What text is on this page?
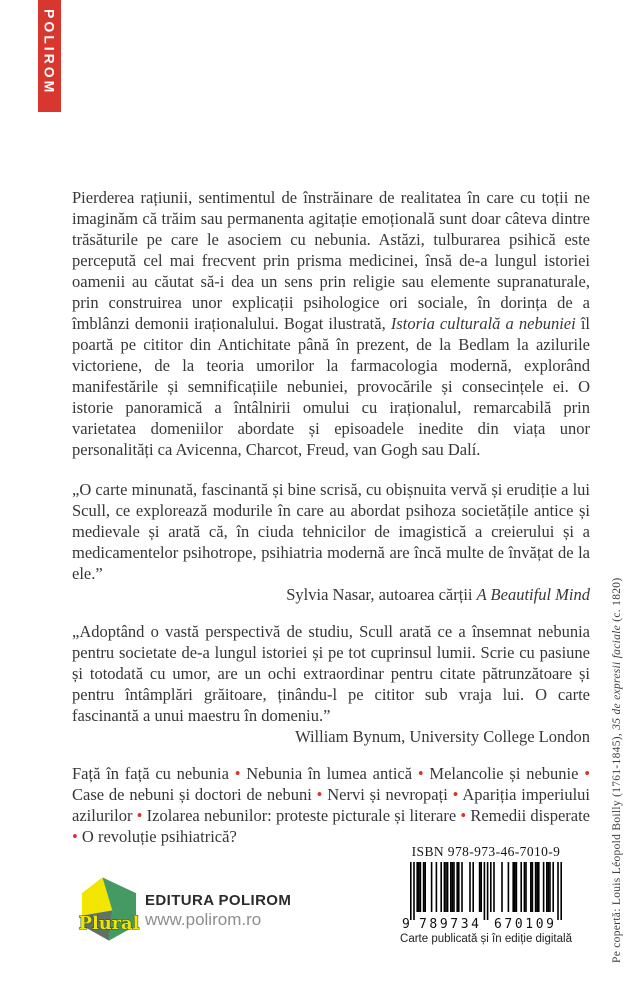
POLIROM
Pe copertă: Louis Léopold Boilly (1761-1845), 35 de expresii faciale (c. 1820)

Pierderea rațiunii, sentimentul de înstrăinare de realitatea în care cu toții ne imaginăm că trăim sau permanenta agitație emoțională sunt doar câteva dintre trăsăturile pe care le asociem cu nebunia. Astăzi, tulburarea psihică este percepută cel mai frecvent prin prisma medicinei, însă de-a lungul istoriei oamenii au căutat să-i dea un sens prin religie sau elemente supranaturale, prin construirea unor explicații psihologice ori sociale, în dorința de a îmblânzi demonii iraționalului. Bogat ilustrată, Istoria culturală a nebuniei îl poartă pe cititor din Antichitate până în prezent, de la Bedlam la azilurile victoriene, de la teoria umorilor la farmacologia modernă, explorând manifestările și semnificațiile nebuniei, provocările și consecințele ei. O istorie panoramică a întâlnirii omului cu iraționalul, remarcabilă prin varietatea domeniilor abordate și episoadele inedite din viața unor personalități ca Avicenna, Charcot, Freud, van Gogh sau Dalí.

„O carte minunată, fascinantă și bine scrisă, cu obișnuita vervă și erudiție a lui Scull, ce explorează modurile în care au abordat psihoza societățile antice și medievale și arată că, în ciuda tehnicilor de imagistică a creierului și a medicamentelor psihotrope, psihiatria modernă are încă multe de învățat de la ele.”

Sylvia Nasar, autoarea cărții A Beautiful Mind

„Adoptând o vastă perspectivă de studiu, Scull arată ce a însemnat nebunia pentru societate de-a lungul istoriei și pe tot cuprinsul lumii. Scrie cu pasiune și totodată cu umor, are un ochi extraordinar pentru citate pătrunzătoare și pentru întâmplări grăitoare, ținându-l pe cititor sub vraja lui. O carte fascinantă a unui maestru în domeniu.”

William Bynum, University College London

Față în față cu nebunia • Nebunia în lumea antică • Melancolie și nebunie • Case de nebuni și doctori de nebuni • Nervi și nevropați • Apariția imperiului azilurilor • Izolarea nebunilor: proteste picturale și literare • Remedii disperate • O revoluție psihiatrică?

Plural
EDITURA POLIROM
www.polirom.ro
ISBN 978-973-46-7010-9
9 789734 670109
Carte publicată și în ediție digitală
